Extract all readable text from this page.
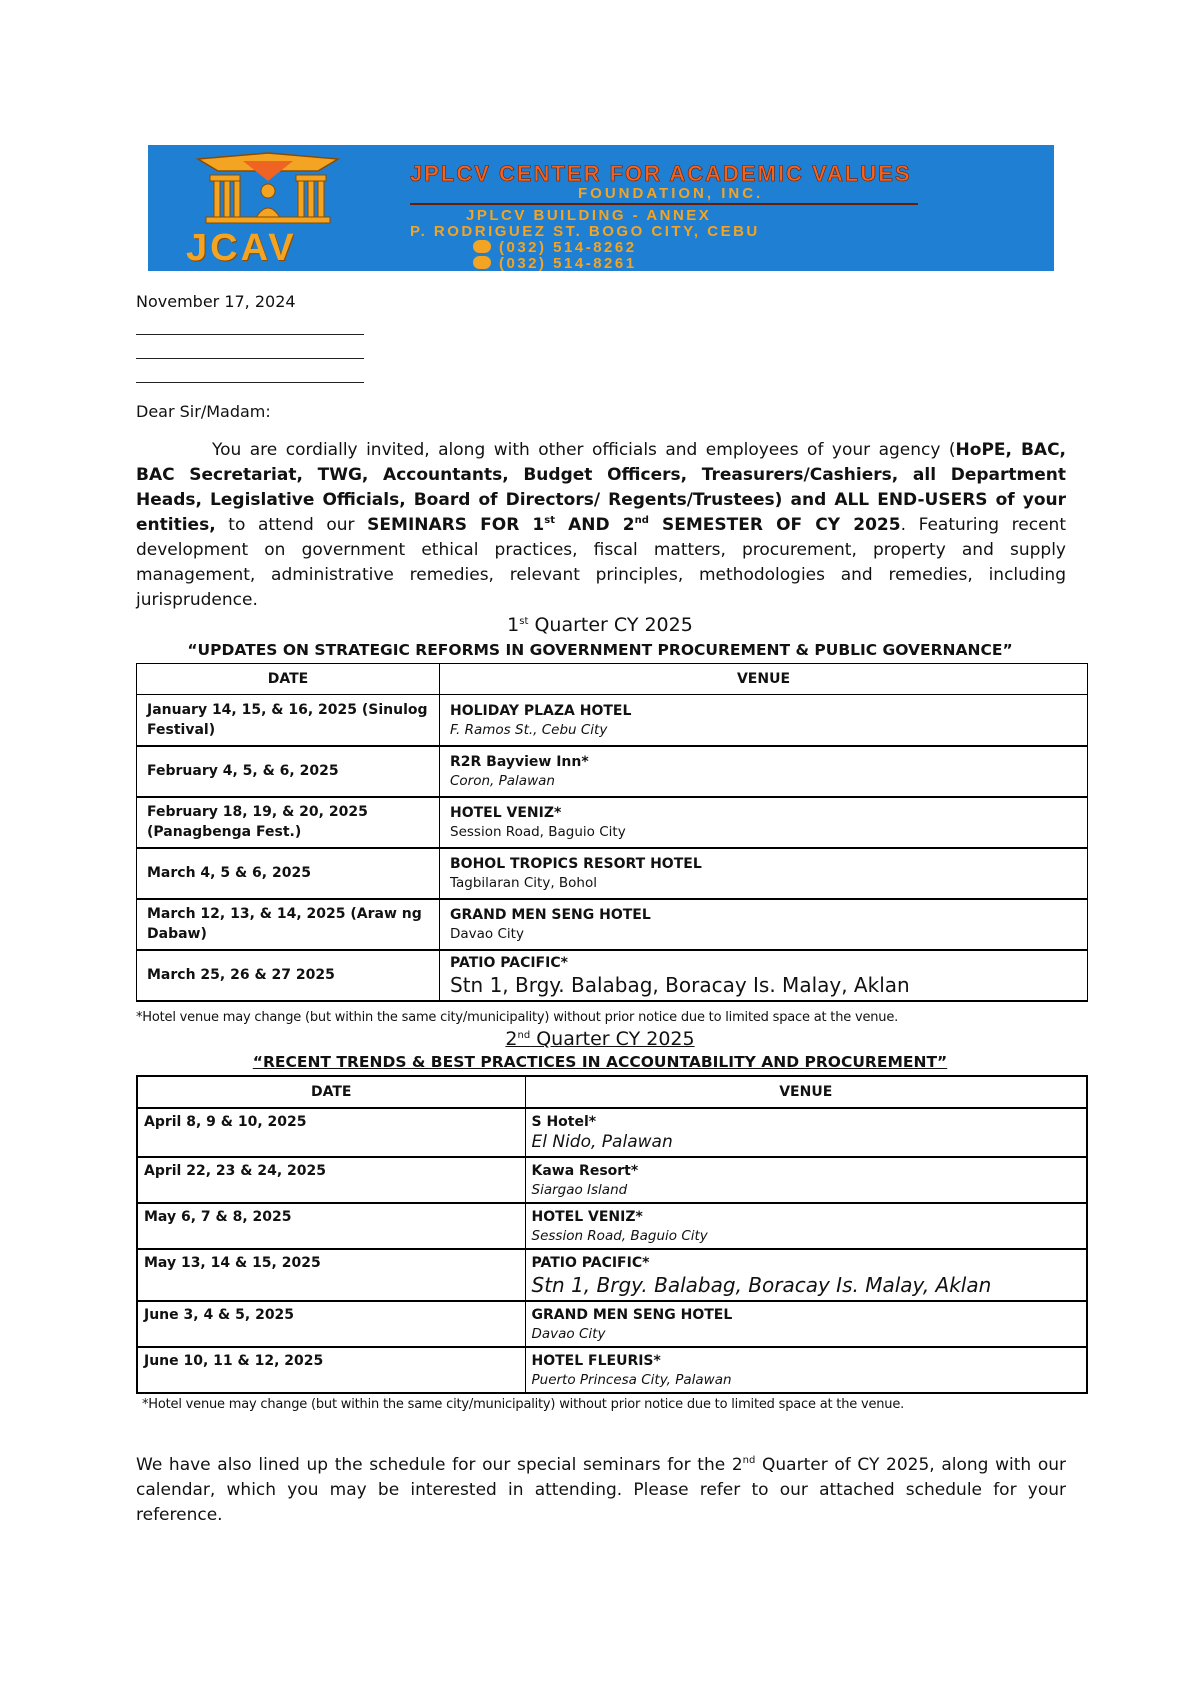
JCAV
JPLCV CENTER FOR ACADEMIC VALUES
FOUNDATION, INC.
JPLCV BUILDING - ANNEX
P. RODRIGUEZ ST. BOGO CITY, CEBU
(032) 514-8262
(032) 514-8261
November 17, 2024
Dear Sir/Madam:
You are cordially invited, along with other officials and employees of your agency (HoPE, BAC, BAC Secretariat, TWG, Accountants, Budget Officers, Treasurers/Cashiers, all Department Heads, Legislative Officials, Board of Directors/ Regents/Trustees) and ALL END-USERS of your entities, to attend our SEMINARS FOR 1st AND 2nd SEMESTER OF CY 2025. Featuring recent development on government ethical practices, fiscal matters, procurement, property and supply management, administrative remedies, relevant principles, methodologies and remedies, including jurisprudence.
1st Quarter CY 2025
“UPDATES ON STRATEGIC REFORMS IN GOVERNMENT PROCUREMENT & PUBLIC GOVERNANCE”
DATE	VENUE
January 14, 15, & 16, 2025 (Sinulog Festival)	HOLIDAY PLAZA HOTEL
F. Ramos St., Cebu City

February 4, 5, & 6, 2025	R2R Bayview Inn*
Coron, Palawan

February 18, 19, & 20, 2025 (Panagbenga Fest.)	HOTEL VENIZ*
Session Road, Baguio City

March 4, 5 & 6, 2025	BOHOL TROPICS RESORT HOTEL
Tagbilaran City, Bohol

March 12, 13, & 14, 2025 (Araw ng Dabaw)	GRAND MEN SENG HOTEL
Davao City

March 25, 26 & 27 2025	PATIO PACIFIC*
Stn 1, Brgy. Balabag, Boracay Is. Malay, Aklan
*Hotel venue may change (but within the same city/municipality) without prior notice due to limited space at the venue.
2nd Quarter CY 2025
“RECENT TRENDS & BEST PRACTICES IN ACCOUNTABILITY AND PROCUREMENT”
DATE	VENUE
April 8, 9 & 10, 2025	S Hotel*
El Nido, Palawan

April 22, 23 & 24, 2025	Kawa Resort*
Siargao Island

May 6, 7 & 8, 2025	HOTEL VENIZ*
Session Road, Baguio City

May 13, 14 & 15, 2025	PATIO PACIFIC*
Stn 1, Brgy. Balabag, Boracay Is. Malay, Aklan

June 3, 4 & 5, 2025	GRAND MEN SENG HOTEL
Davao City

June 10, 11 & 12, 2025	HOTEL FLEURIS*
Puerto Princesa City, Palawan
*Hotel venue may change (but within the same city/municipality) without prior notice due to limited space at the venue.
We have also lined up the schedule for our special seminars for the 2nd Quarter of CY 2025, along with our calendar, which you may be interested in attending. Please refer to our attached schedule for your reference.
